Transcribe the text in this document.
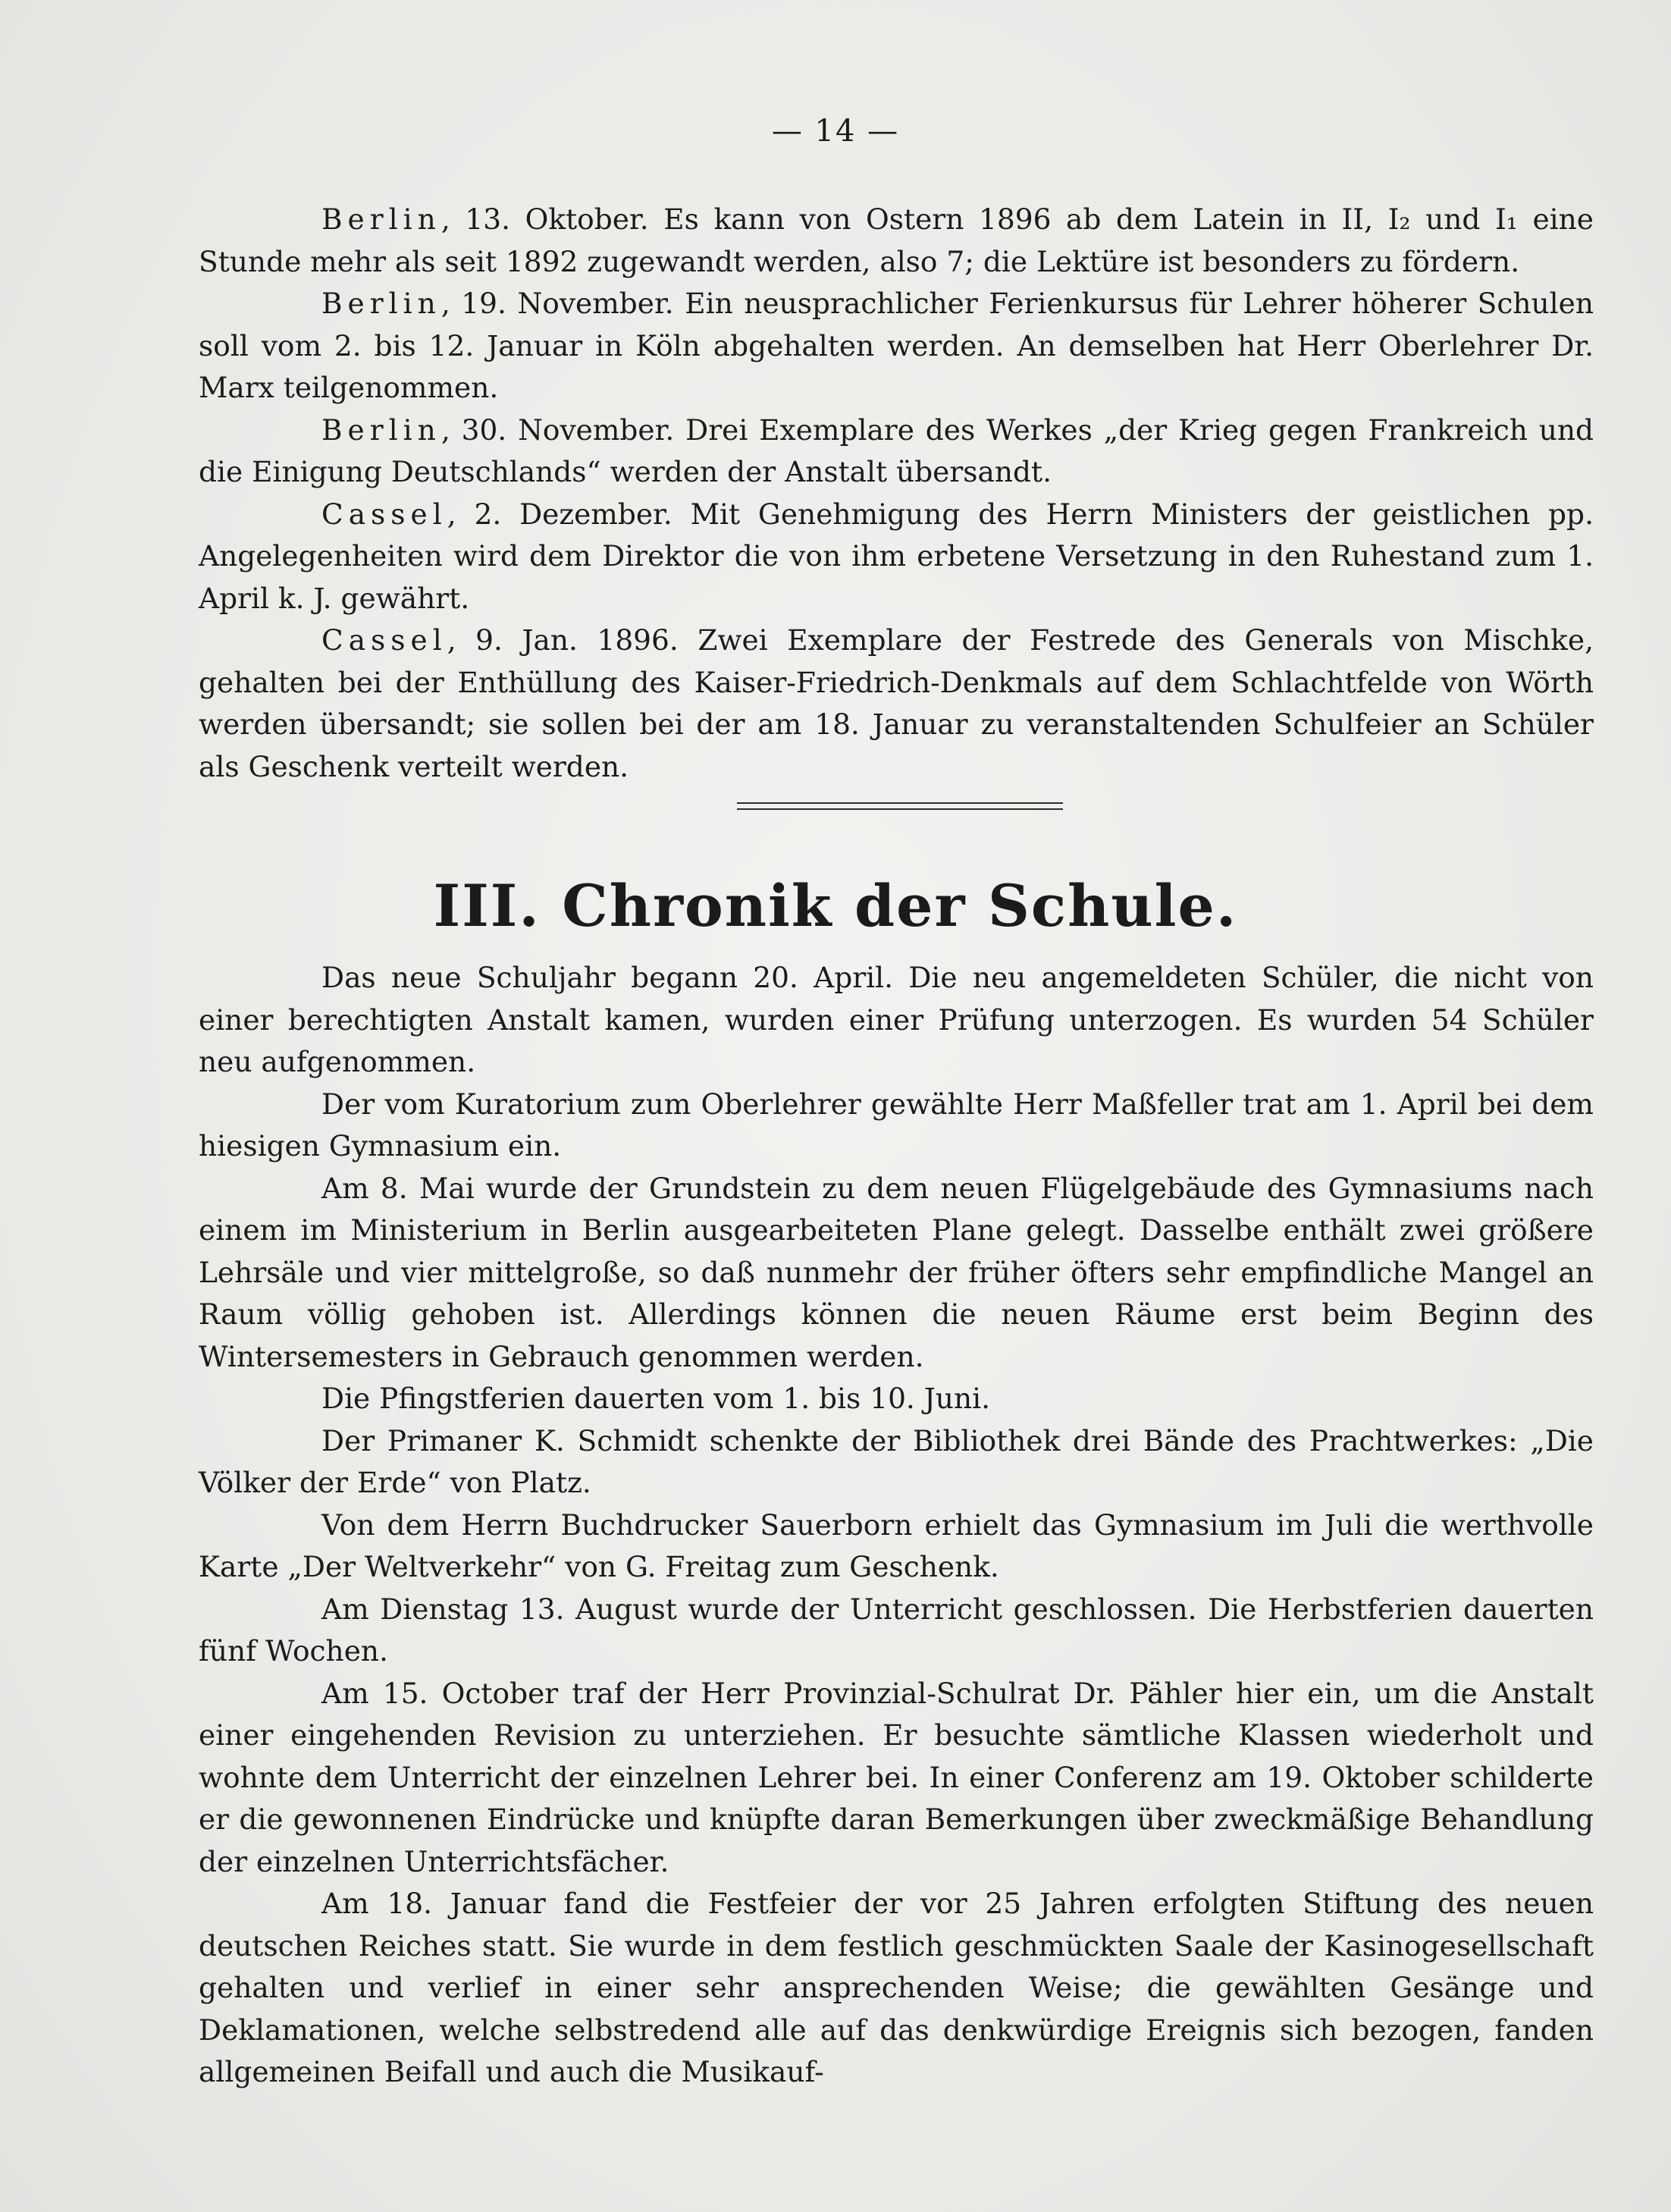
— 14 —

Berlin, 13. Oktober. Es kann von Ostern 1896 ab dem Latein in II, I₂ und I₁ eine Stunde mehr als seit 1892 zugewandt werden, also 7; die Lektüre ist besonders zu fördern.

Berlin, 19. November. Ein neusprachlicher Ferienkursus für Lehrer höherer Schulen soll vom 2. bis 12. Januar in Köln abgehalten werden. An demselben hat Herr Oberlehrer Dr. Marx teilgenommen.

Berlin, 30. November. Drei Exemplare des Werkes „der Krieg gegen Frankreich und die Einigung Deutschlands“ werden der Anstalt übersandt.

Cassel, 2. Dezember. Mit Genehmigung des Herrn Ministers der geistlichen pp. Angelegenheiten wird dem Direktor die von ihm erbetene Versetzung in den Ruhestand zum 1. April k. J. gewährt.

Cassel, 9. Jan. 1896. Zwei Exemplare der Festrede des Generals von Mischke, gehalten bei der Enthüllung des Kaiser-Friedrich-Denkmals auf dem Schlachtfelde von Wörth werden übersandt; sie sollen bei der am 18. Januar zu veranstaltenden Schulfeier an Schüler als Geschenk verteilt werden.

III. Chronik der Schule.

Das neue Schuljahr begann 20. April. Die neu angemeldeten Schüler, die nicht von einer berechtigten Anstalt kamen, wurden einer Prüfung unterzogen. Es wurden 54 Schüler neu aufgenommen.

Der vom Kuratorium zum Oberlehrer gewählte Herr Maßfeller trat am 1. April bei dem hiesigen Gymnasium ein.

Am 8. Mai wurde der Grundstein zu dem neuen Flügelgebäude des Gymnasiums nach einem im Ministerium in Berlin ausgearbeiteten Plane gelegt. Dasselbe enthält zwei größere Lehrsäle und vier mittelgroße, so daß nunmehr der früher öfters sehr empfindliche Mangel an Raum völlig gehoben ist. Allerdings können die neuen Räume erst beim Beginn des Wintersemesters in Gebrauch genommen werden.

Die Pfingstferien dauerten vom 1. bis 10. Juni.

Der Primaner K. Schmidt schenkte der Bibliothek drei Bände des Prachtwerkes: „Die Völker der Erde“ von Platz.

Von dem Herrn Buchdrucker Sauerborn erhielt das Gymnasium im Juli die werthvolle Karte „Der Weltverkehr“ von G. Freitag zum Geschenk.

Am Dienstag 13. August wurde der Unterricht geschlossen. Die Herbstferien dauerten fünf Wochen.

Am 15. October traf der Herr Provinzial-Schulrat Dr. Pähler hier ein, um die Anstalt einer eingehenden Revision zu unterziehen. Er besuchte sämtliche Klassen wiederholt und wohnte dem Unterricht der einzelnen Lehrer bei. In einer Conferenz am 19. Oktober schilderte er die gewonnenen Eindrücke und knüpfte daran Bemerkungen über zweckmäßige Behandlung der einzelnen Unterrichtsfächer.

Am 18. Januar fand die Festfeier der vor 25 Jahren erfolgten Stiftung des neuen deutschen Reiches statt. Sie wurde in dem festlich geschmückten Saale der Kasinogesellschaft gehalten und verlief in einer sehr ansprechenden Weise; die gewählten Gesänge und Deklamationen, welche selbstredend alle auf das denkwürdige Ereignis sich bezogen, fanden allgemeinen Beifall und auch die Musikauf-
